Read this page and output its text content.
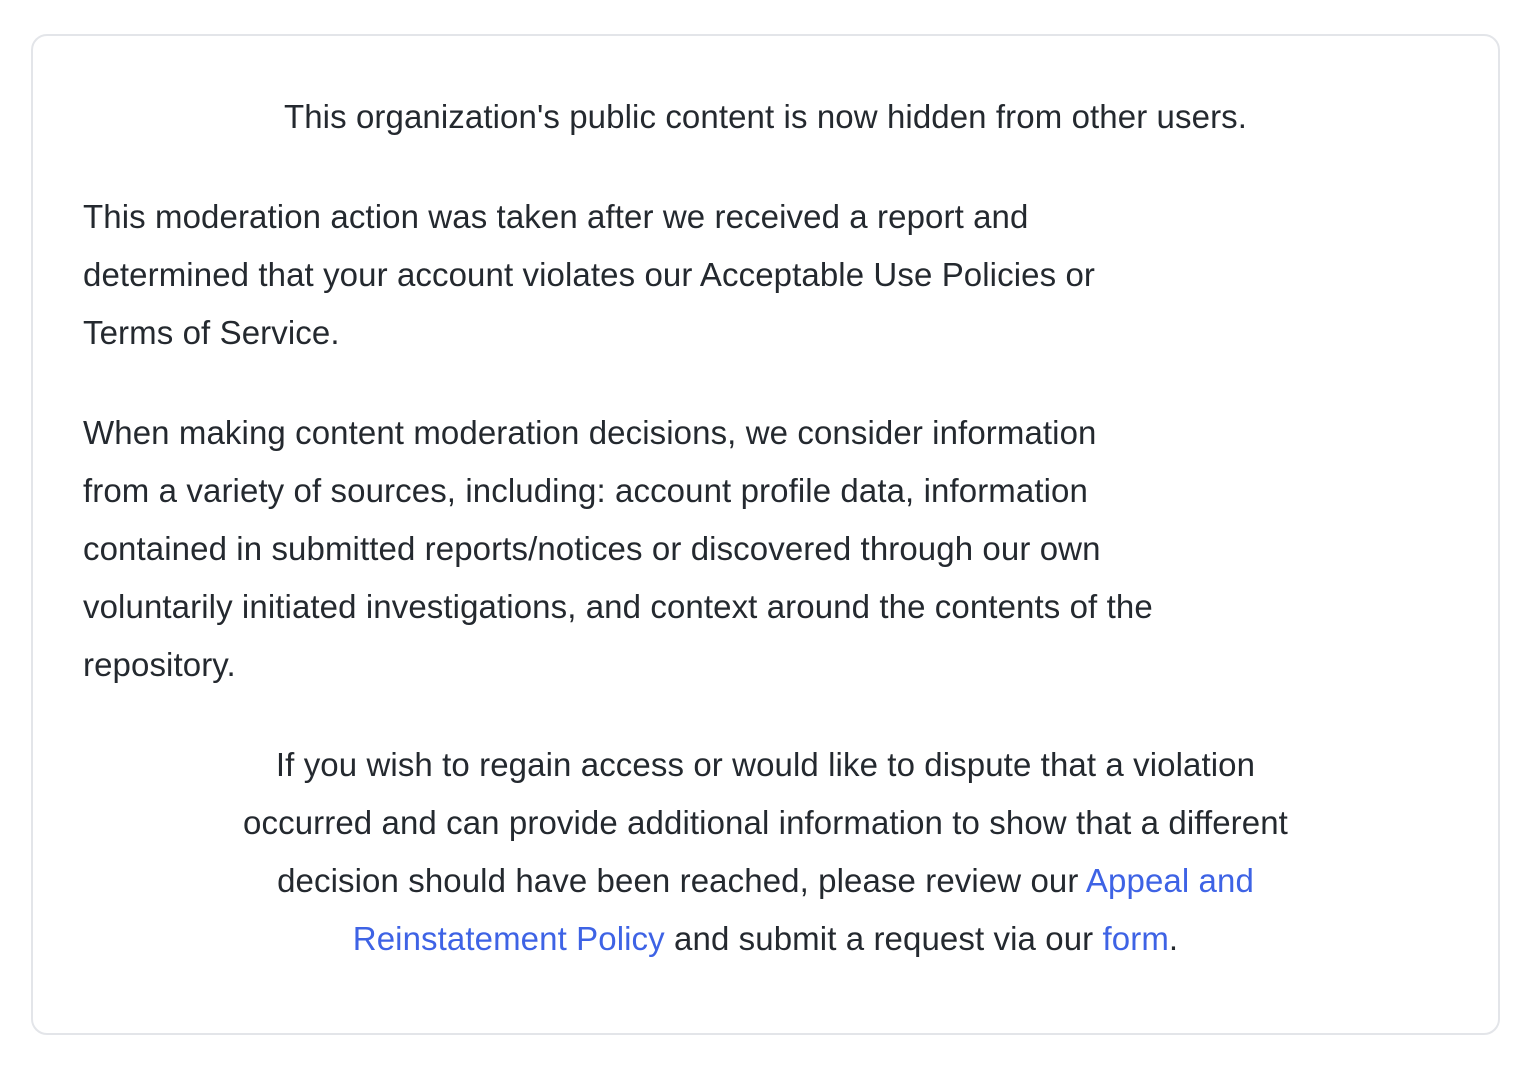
This organization's public content is now hidden from other users.
This moderation action was taken after we received a report and
determined that your account violates our Acceptable Use Policies or
Terms of Service.
When making content moderation decisions, we consider information
from a variety of sources, including: account profile data, information
contained in submitted reports/notices or discovered through our own
voluntarily initiated investigations, and context around the contents of the
repository.
If you wish to regain access or would like to dispute that a violation
occurred and can provide additional information to show that a different
decision should have been reached, please review our Appeal and
Reinstatement Policy and submit a request via our form.
